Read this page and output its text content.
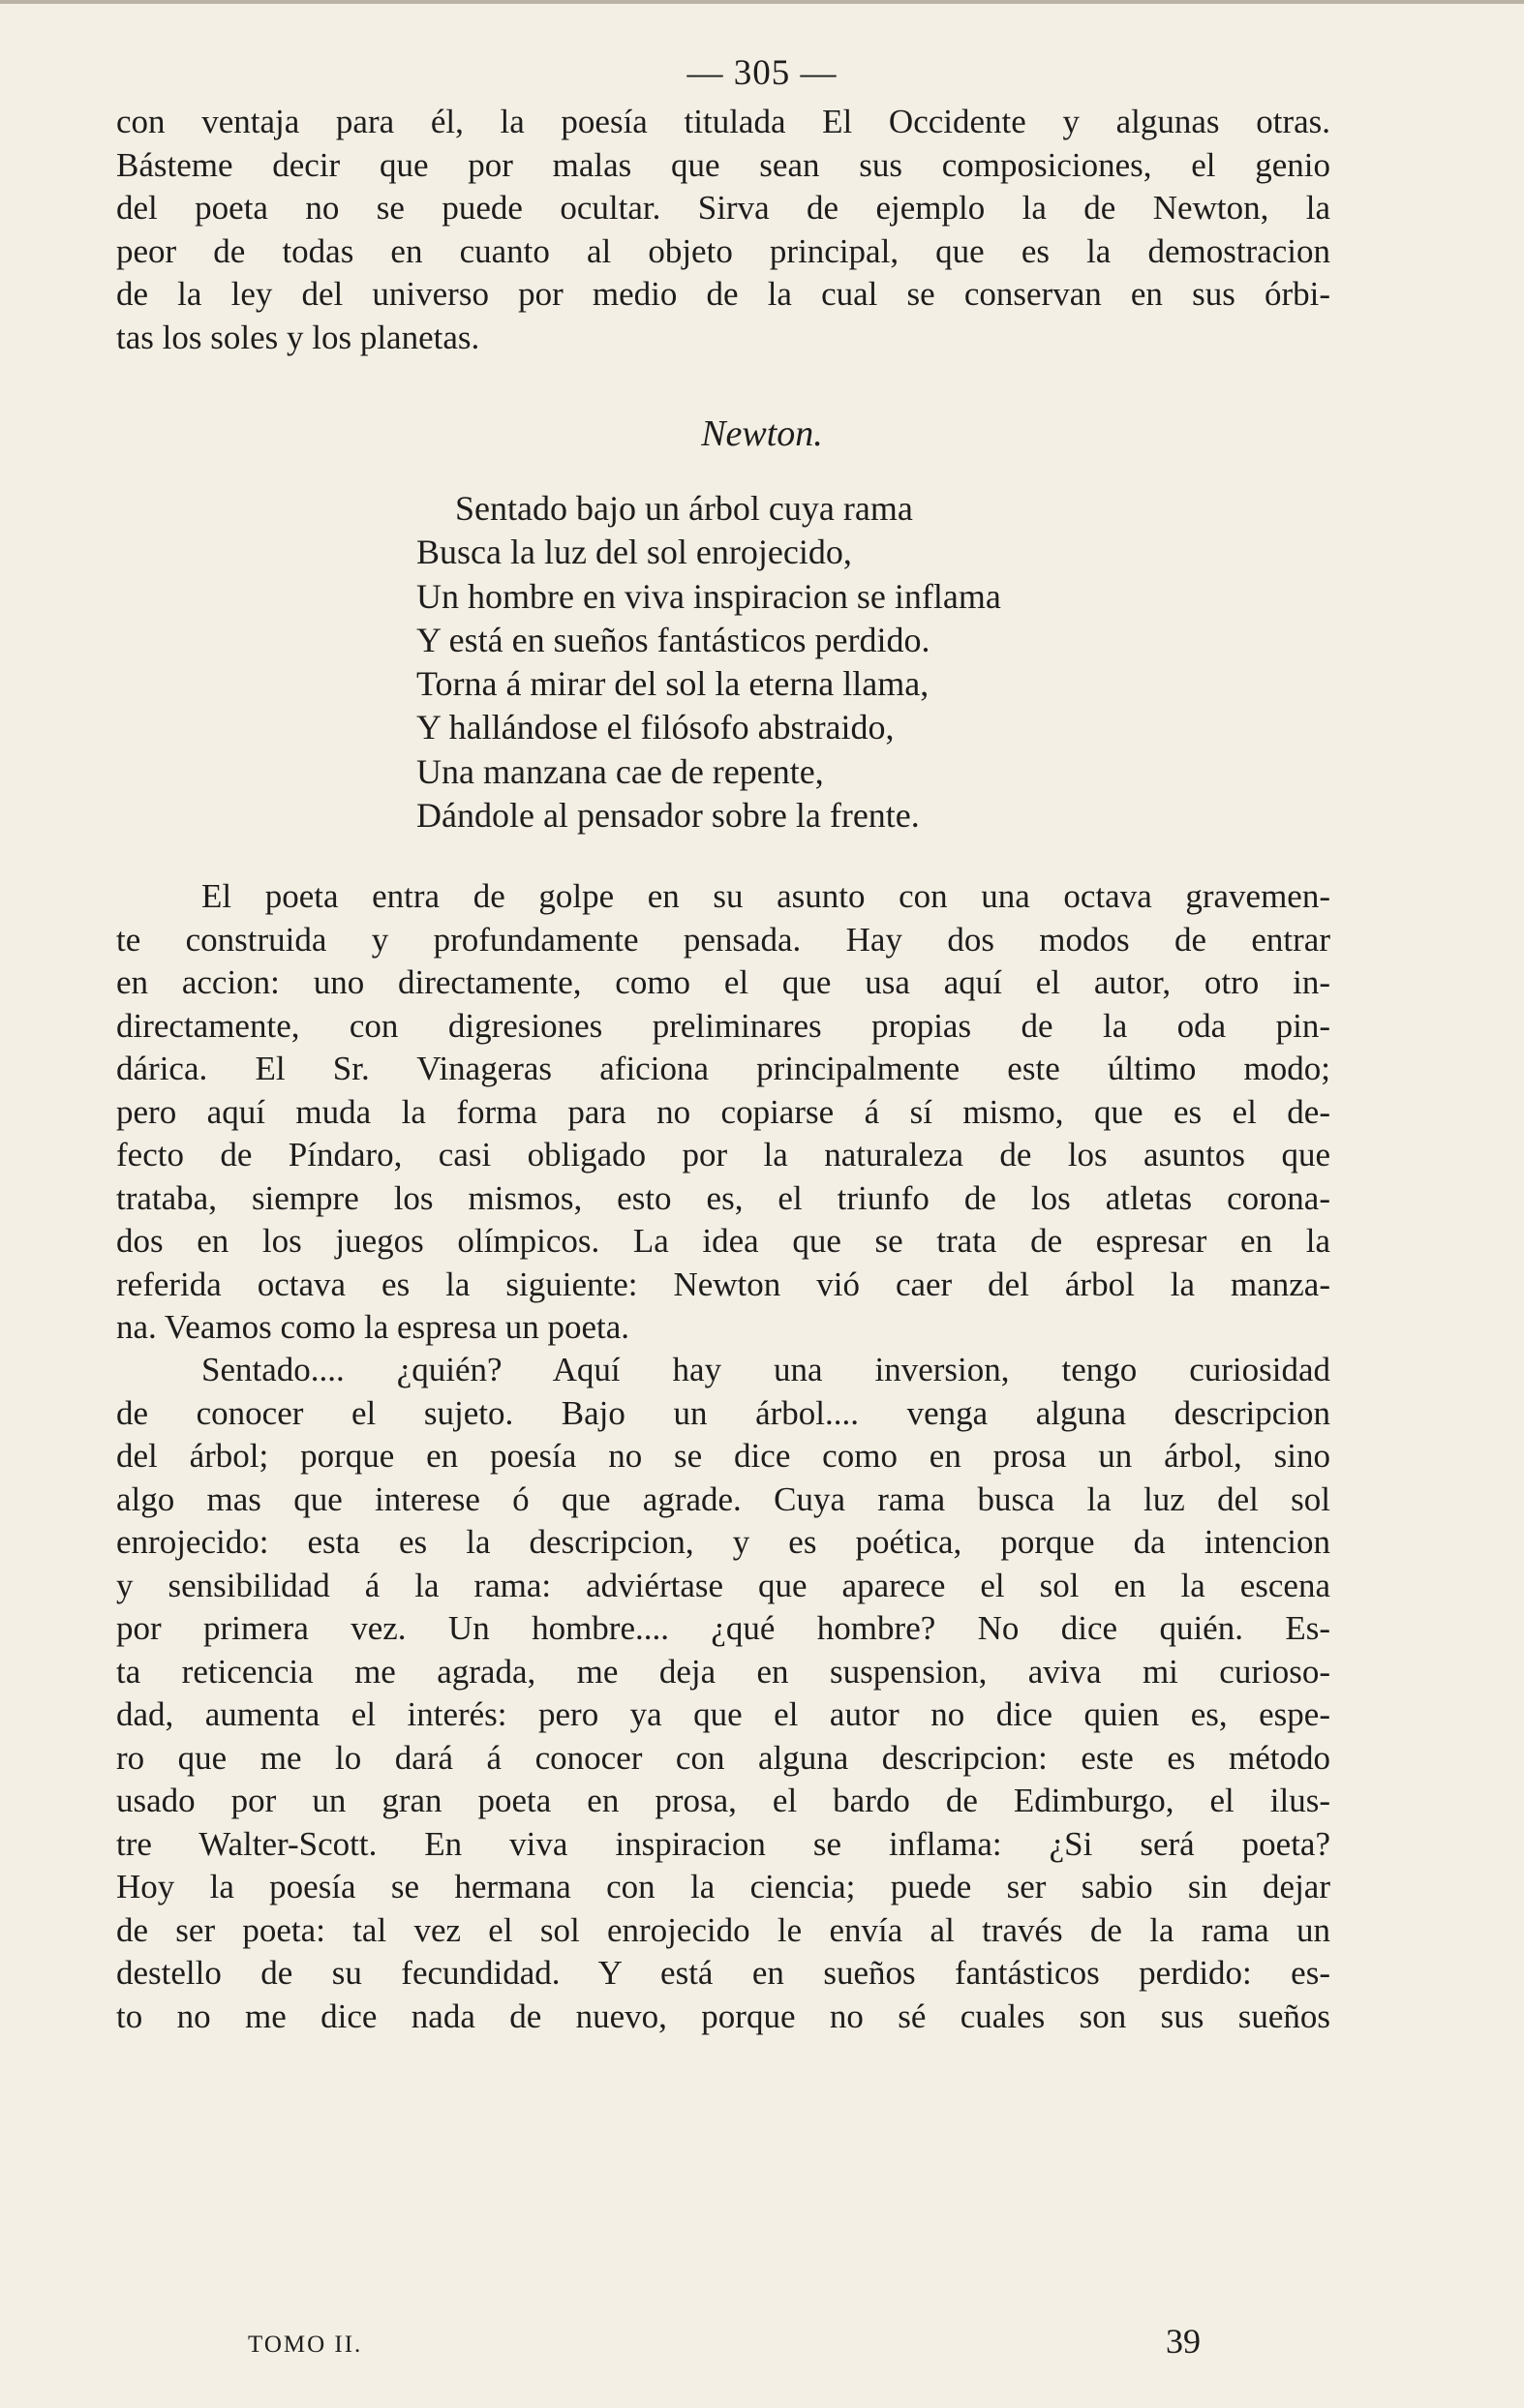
— 305 —
con ventaja para él, la poesía titulada El Occidente y algunas otras.
Básteme decir que por malas que sean sus composiciones, el genio
del poeta no se puede ocultar. Sirva de ejemplo la de Newton, la
peor de todas en cuanto al objeto principal, que es la demostracion
de la ley del universo por medio de la cual se conservan en sus órbi-
tas los soles y los planetas.
Newton.
Sentado bajo un árbol cuya rama
Busca la luz del sol enrojecido,
Un hombre en viva inspiracion se inflama
Y está en sueños fantásticos perdido.
Torna á mirar del sol la eterna llama,
Y hallándose el filósofo abstraido,
Una manzana cae de repente,
Dándole al pensador sobre la frente.
El poeta entra de golpe en su asunto con una octava gravemen-
te construida y profundamente pensada. Hay dos modos de entrar
en accion: uno directamente, como el que usa aquí el autor, otro in-
directamente, con digresiones preliminares propias de la oda pin-
dárica. El Sr. Vinageras aficiona principalmente este último modo;
pero aquí muda la forma para no copiarse á sí mismo, que es el de-
fecto de Píndaro, casi obligado por la naturaleza de los asuntos que
trataba, siempre los mismos, esto es, el triunfo de los atletas corona-
dos en los juegos olímpicos. La idea que se trata de espresar en la
referida octava es la siguiente: Newton vió caer del árbol la manza-
na. Veamos como la espresa un poeta.
Sentado.... ¿quién? Aquí hay una inversion, tengo curiosidad
de conocer el sujeto. Bajo un árbol.... venga alguna descripcion
del árbol; porque en poesía no se dice como en prosa un árbol, sino
algo mas que interese ó que agrade. Cuya rama busca la luz del sol
enrojecido: esta es la descripcion, y es poética, porque da intencion
y sensibilidad á la rama: adviértase que aparece el sol en la escena
por primera vez. Un hombre.... ¿qué hombre? No dice quién. Es-
ta reticencia me agrada, me deja en suspension, aviva mi curioso-
dad, aumenta el interés: pero ya que el autor no dice quien es, espe-
ro que me lo dará á conocer con alguna descripcion: este es método
usado por un gran poeta en prosa, el bardo de Edimburgo, el ilus-
tre Walter-Scott. En viva inspiracion se inflama: ¿Si será poeta?
Hoy la poesía se hermana con la ciencia; puede ser sabio sin dejar
de ser poeta: tal vez el sol enrojecido le envía al través de la rama un
destello de su fecundidad. Y está en sueños fantásticos perdido: es-
to no me dice nada de nuevo, porque no sé cuales son sus sueños
TOMO II.	39
